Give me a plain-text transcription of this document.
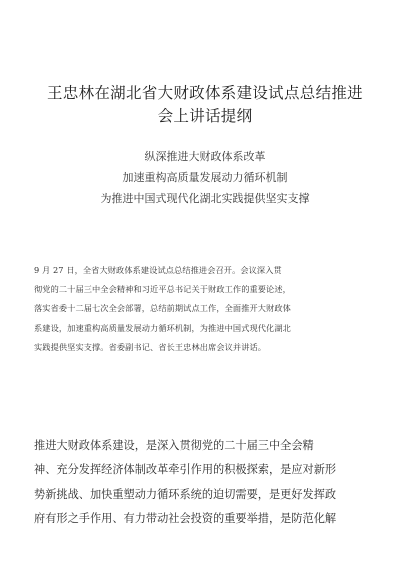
王忠林在湖北省大财政体系建设试点总结推进
会上讲话提纲
纵深推进大财政体系改革
加速重构高质量发展动力循环机制
为推进中国式现代化湖北实践提供坚实支撑
9 月 27 日，全省大财政体系建设试点总结推进会召开。会议深入贯
彻党的二十届三中全会精神和习近平总书记关于财政工作的重要论述，
落实省委十二届七次全会部署，总结前期试点工作，全面推开大财政体
系建设，加速重构高质量发展动力循环机制，为推进中国式现代化湖北
实践提供坚实支撑。省委副书记、省长王忠林出席会议并讲话。
推进大财政体系建设，是深入贯彻党的二十届三中全会精
神、充分发挥经济体制改革牵引作用的积极探索，是应对新形
势新挑战、加快重塑动力循环系统的迫切需要，是更好发挥政
府有形之手作用、有力带动社会投资的重要举措，是防范化解
